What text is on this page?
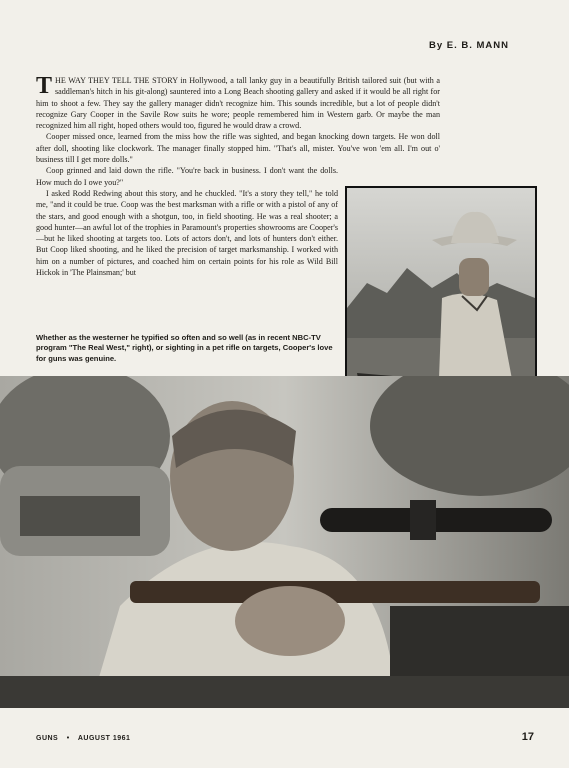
By E. B. MANN

THE WAY THEY TELL THE STORY in Hollywood, a tall lanky guy in a beautifully British tailored suit (but with a saddleman's hitch in his git-along) sauntered into a Long Beach shooting gallery and asked if it would be all right for him to shoot a few. They say the gallery manager didn't recognize him. This sounds incredible, but a lot of people didn't recognize Gary Cooper in the Savile Row suits he wore; people remembered him in Western garb. Or maybe the man recognized him all right, hoped others would too, figured he would draw a crowd.

Cooper missed once, learned from the miss how the rifle was sighted, and began knocking down targets. He won doll after doll, shooting like clockwork. The manager finally stopped him. "That's all, mister. You've won 'em all. I'm out o' business till I get more dolls."

Coop grinned and laid down the rifle. "You're back in business. I don't want the dolls. How much do I owe you?"

I asked Rodd Redwing about this story, and he chuckled. "It's a story they tell," he told me, "and it could be true. Coop was the best marksman with a rifle or with a pistol of any of the stars, and good enough with a shotgun, too, in field shooting. He was a real shooter; a good hunter—an awful lot of the trophies in Paramount's properties showrooms are Cooper's—but he liked shooting at targets too. Lots of actors don't, and lots of hunters don't either. But Coop liked shooting, and he liked the precision of target marksmanship. I worked with him on a number of pictures, and coached him on certain points for his role as Wild Bill Hickok in 'The Plainsman;' but

Whether as the westerner he typified so often and so well (as in recent NBC-TV program "The Real West," right), or sighting in a pet rifle on targets, Cooper's love for guns was genuine.
GUNS • AUGUST 1961	17
